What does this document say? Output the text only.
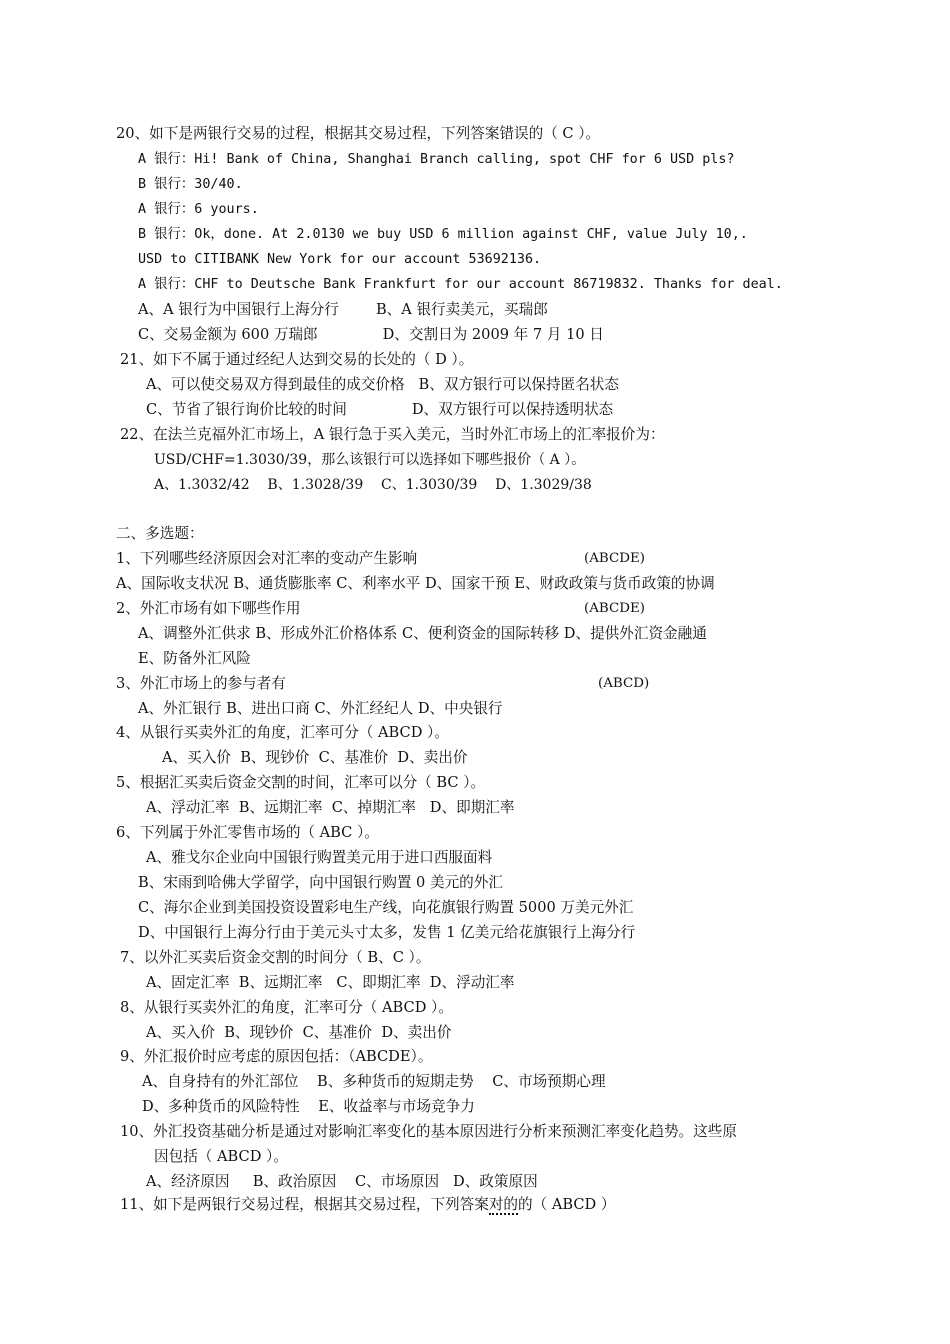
20、如下是两银行交易的过程，根据其交易过程，下列答案错误的（ C ）。
A 银行：Hi! Bank of China, Shanghai Branch calling, spot CHF for 6 USD pls?
B 银行：30/40.
A 银行：6 yours.
B 银行：Ok，done. At 2.0130 we buy USD 6 million against CHF, value July 10,.
USD to CITIBANK New York for our account 53692136.
A 银行：CHF to Deutsche Bank Frankfurt for our account 86719832. Thanks for deal.
A、A 银行为中国银行上海分行        B、A 银行卖美元，买瑞郎
C、交易金额为 600 万瑞郎              D、交割日为 2009 年 7 月 10 日
21、如下不属于通过经纪人达到交易的长处的（ D ）。
A、可以使交易双方得到最佳的成交价格   B、双方银行可以保持匿名状态
C、节省了银行询价比较的时间              D、双方银行可以保持透明状态
22、在法兰克福外汇市场上，A 银行急于买入美元，当时外汇市场上的汇率报价为：
USD/CHF=1.3030/39，那么该银行可以选择如下哪些报价（ A ）。
A、1.3032/42    B、1.3028/39    C、1.3030/39    D、1.3029/38
二、多选题：
1、下列哪些经济原因会对汇率的变动产生影响	(ABCDE)
A、国际收支状况 B、通货膨胀率 C、利率水平 D、国家干预 E、财政政策与货币政策的协调
2、外汇市场有如下哪些作用	(ABCDE)
A、调整外汇供求 B、形成外汇价格体系 C、便利资金的国际转移 D、提供外汇资金融通
E、防备外汇风险
3、外汇市场上的参与者有	(ABCD)
A、外汇银行 B、进出口商 C、外汇经纪人 D、中央银行
4、从银行买卖外汇的角度，汇率可分（ ABCD ）。
A、买入价  B、现钞价  C、基准价  D、卖出价
5、根据汇买卖后资金交割的时间，汇率可以分（ BC ）。
A、浮动汇率  B、远期汇率  C、掉期汇率   D、即期汇率
6、下列属于外汇零售市场的（ ABC ）。
A、雅戈尔企业向中国银行购置美元用于进口西服面料
B、宋雨到哈佛大学留学，向中国银行购置 0 美元的外汇
C、海尔企业到美国投资设置彩电生产线，向花旗银行购置 5000 万美元外汇
D、中国银行上海分行由于美元头寸太多，发售 1 亿美元给花旗银行上海分行
7、以外汇买卖后资金交割的时间分（ B、C ）。
A、固定汇率  B、远期汇率   C、即期汇率  D、浮动汇率
8、从银行买卖外汇的角度，汇率可分（ ABCD ）。
A、买入价  B、现钞价  C、基准价  D、卖出价
9、外汇报价时应考虑的原因包括：（ABCDE）。
A、自身持有的外汇部位    B、多种货币的短期走势    C、市场预期心理
D、多种货币的风险特性    E、收益率与市场竞争力
10、外汇投资基础分析是通过对影响汇率变化的基本原因进行分析来预测汇率变化趋势。这些原
因包括（ ABCD ）。
A、经济原因     B、政治原因    C、市场原因   D、政策原因
11、如下是两银行交易过程，根据其交易过程，下列答案对的的（ ABCD ）
